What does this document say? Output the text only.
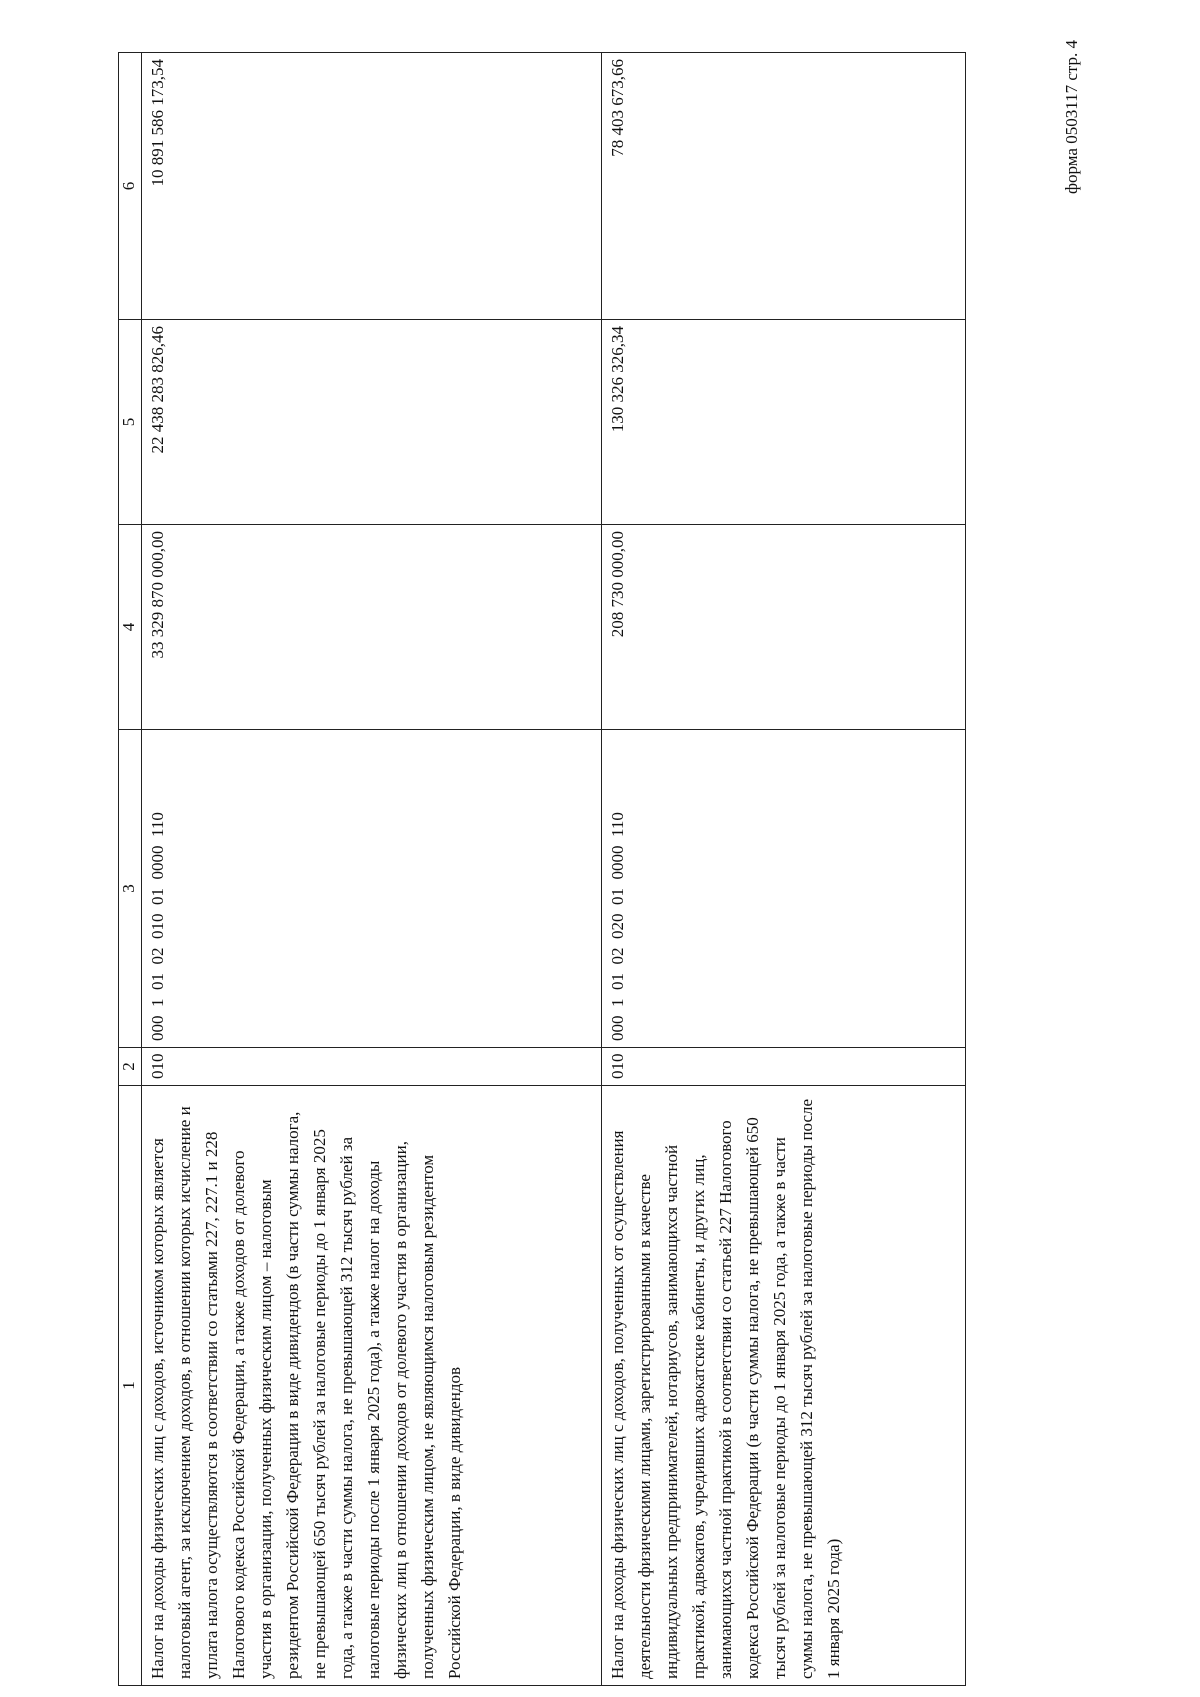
форма 0503117 стр. 4
1	2	3	4	5	6
Налог на доходы физических лиц с доходов, источником которых является налоговый агент, за исключением доходов, в отношении которых исчисление и уплата налога осуществляются в соответствии со статьями 227, 227.1 и 228 Налогового кодекса Российской Федерации, а также доходов от долевого участия в организации, полученных физическим лицом – налоговым резидентом Российской Федерации в виде дивидендов (в части суммы налога, не превышающей 650 тысяч рублей за налоговые периоды до 1 января 2025 года, а также в части суммы налога, не превышающей 312 тысяч рублей за налоговые периоды после 1 января 2025 года), а также налог на доходы физических лиц в отношении доходов от долевого участия в организации, полученных физическим лицом, не являющимся налоговым резидентом Российской Федерации, в виде дивидендов	010	000  1  01  02  010  01  0000  110	33 329 870 000,00	22 438 283 826,46	10 891 586 173,54
Налог на доходы физических лиц с доходов, полученных от осуществления деятельности физическими лицами, зарегистрированными в качестве индивидуальных предпринимателей, нотариусов, занимающихся частной практикой, адвокатов, учредивших адвокатские кабинеты, и других лиц, занимающихся частной практикой в соответствии со статьей 227 Налогового кодекса Российской Федерации (в части суммы налога, не превышающей 650 тысяч рублей за налоговые периоды до 1 января 2025 года, а также в части суммы налога, не превышающей 312 тысяч рублей за налоговые периоды после 1 января 2025 года)	010	000  1  01  02  020  01  0000  110	208 730 000,00	130 326 326,34	78 403 673,66
